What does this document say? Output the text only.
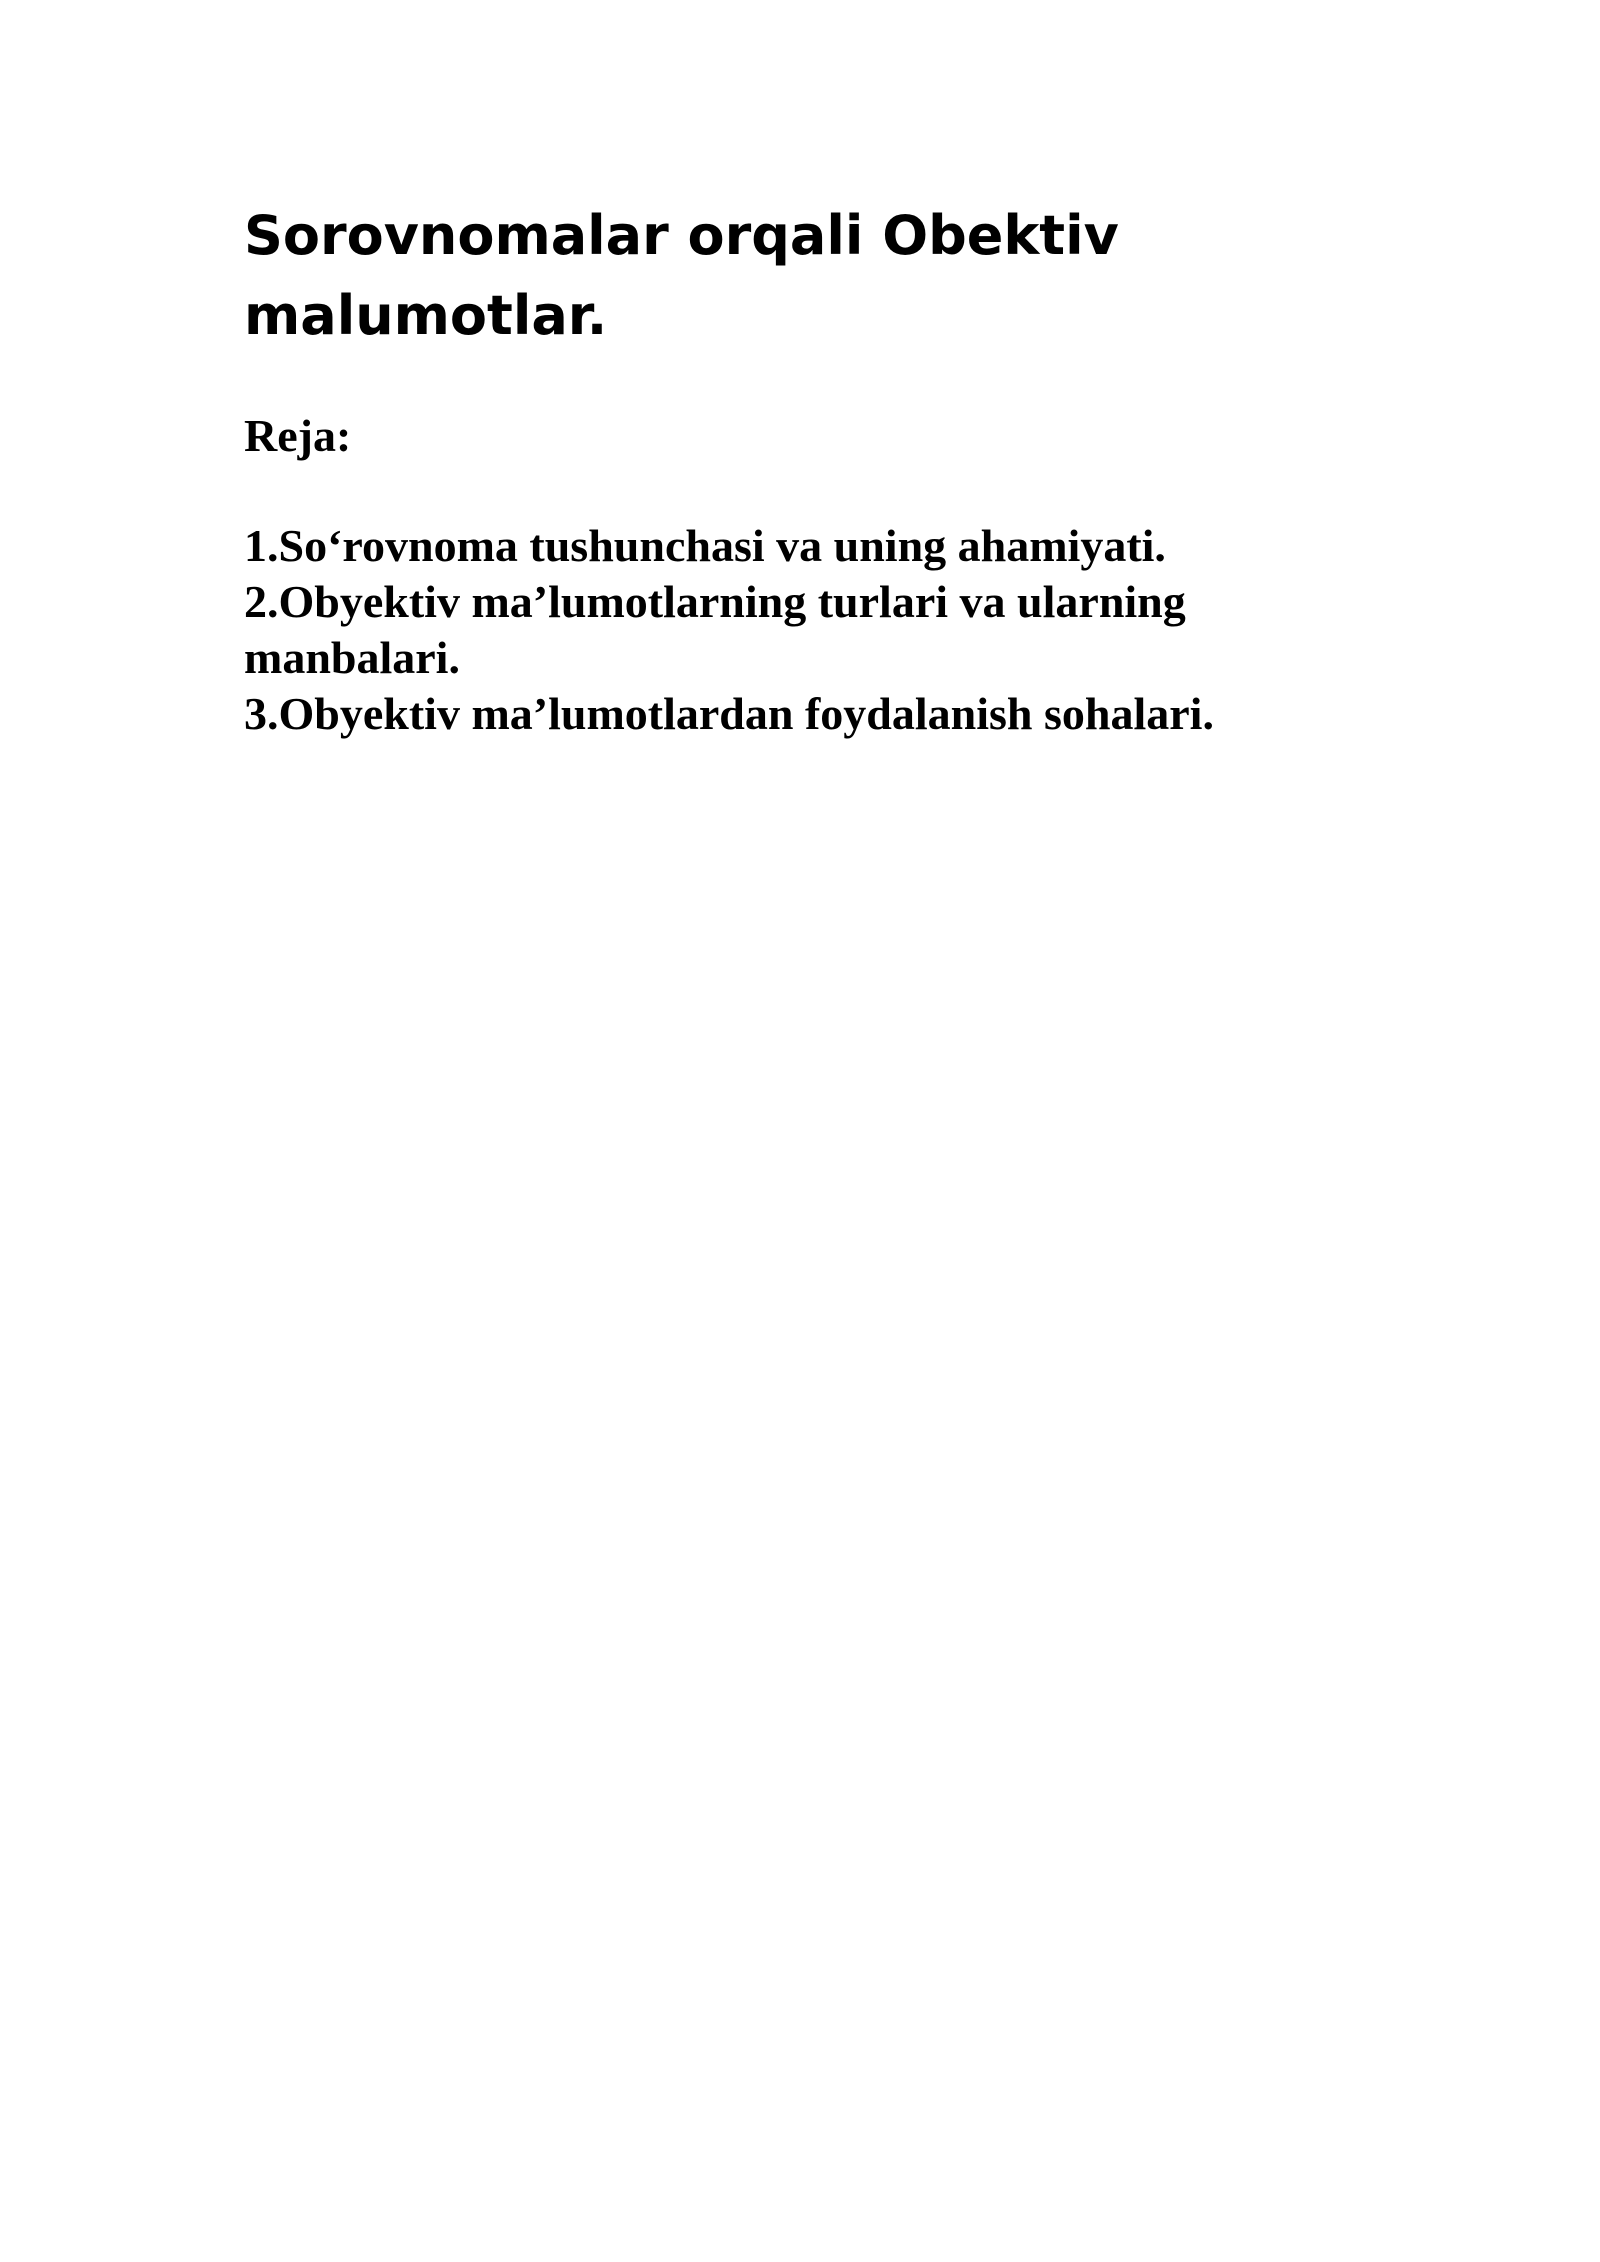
Sorovnomalar orqali Obektiv malumotlar.
Reja:
1.So‘rovnoma tushunchasi va uning ahamiyati.
2.Obyektiv ma’lumotlarning turlari va ularning manbalari.
3.Obyektiv ma’lumotlardan foydalanish sohalari.
